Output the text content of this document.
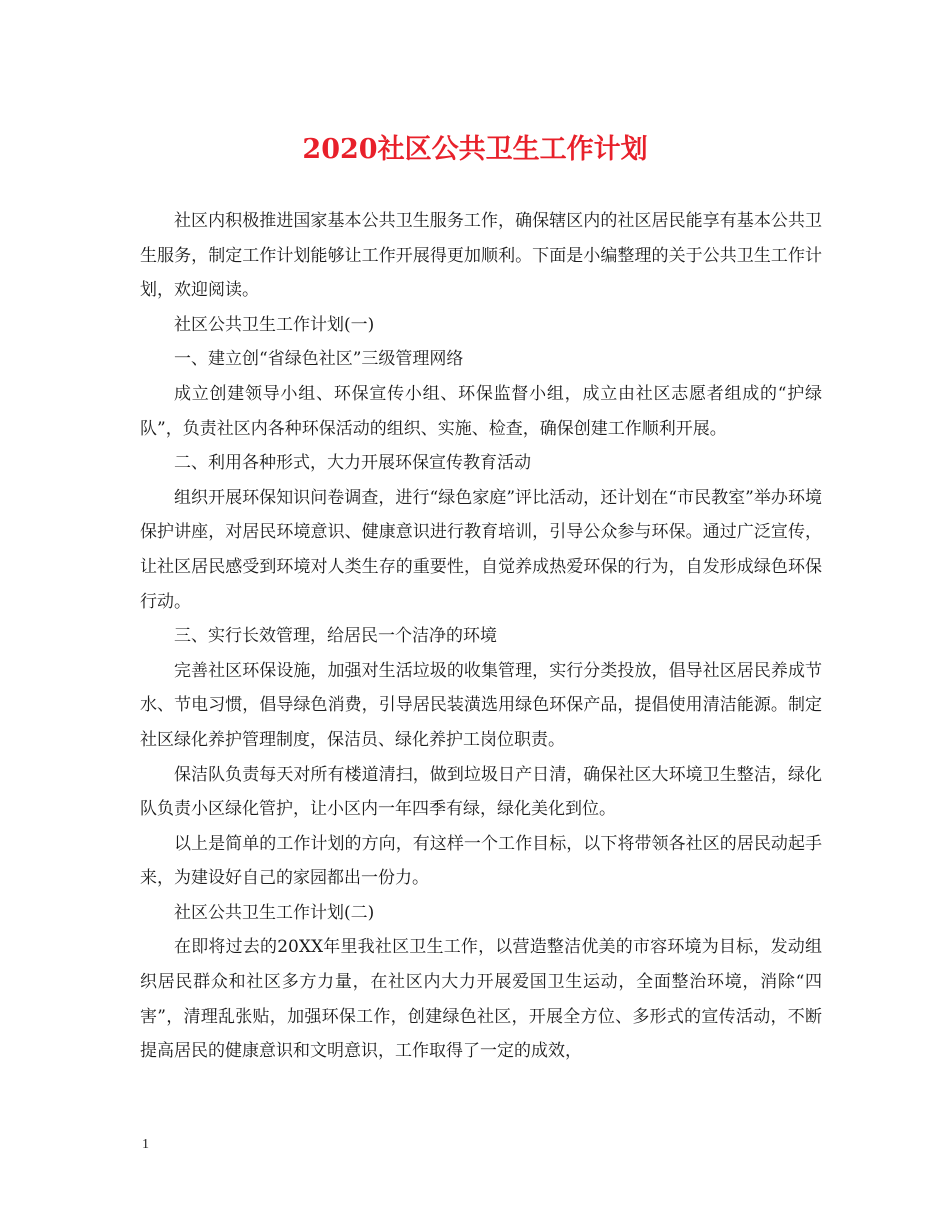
2020社区公共卫生工作计划

社区内积极推进国家基本公共卫生服务工作，确保辖区内的社区居民能享有基本公共卫生服务，制定工作计划能够让工作开展得更加顺利。下面是小编整理的关于公共卫生工作计划，欢迎阅读。

社区公共卫生工作计划(一)

一、建立创“省绿色社区”三级管理网络

成立创建领导小组、环保宣传小组、环保监督小组，成立由社区志愿者组成的“护绿队”，负责社区内各种环保活动的组织、实施、检查，确保创建工作顺利开展。

二、利用各种形式，大力开展环保宣传教育活动

组织开展环保知识问卷调查，进行“绿色家庭”评比活动，还计划在“市民教室”举办环境保护讲座，对居民环境意识、健康意识进行教育培训，引导公众参与环保。通过广泛宣传，让社区居民感受到环境对人类生存的重要性，自觉养成热爱环保的行为，自发形成绿色环保行动。

三、实行长效管理，给居民一个洁净的环境

完善社区环保设施，加强对生活垃圾的收集管理，实行分类投放，倡导社区居民养成节水、节电习惯，倡导绿色消费，引导居民装潢选用绿色环保产品，提倡使用清洁能源。制定社区绿化养护管理制度，保洁员、绿化养护工岗位职责。

保洁队负责每天对所有楼道清扫，做到垃圾日产日清，确保社区大环境卫生整洁，绿化队负责小区绿化管护，让小区内一年四季有绿，绿化美化到位。

以上是简单的工作计划的方向，有这样一个工作目标，以下将带领各社区的居民动起手来，为建设好自己的家园都出一份力。

社区公共卫生工作计划(二)

在即将过去的20XX年里我社区卫生工作，以营造整洁优美的市容环境为目标，发动组织居民群众和社区多方力量，在社区内大力开展爱国卫生运动，全面整治环境，消除“四害”，清理乱张贴，加强环保工作，创建绿色社区，开展全方位、多形式的宣传活动，不断提高居民的健康意识和文明意识，工作取得了一定的成效，

1
